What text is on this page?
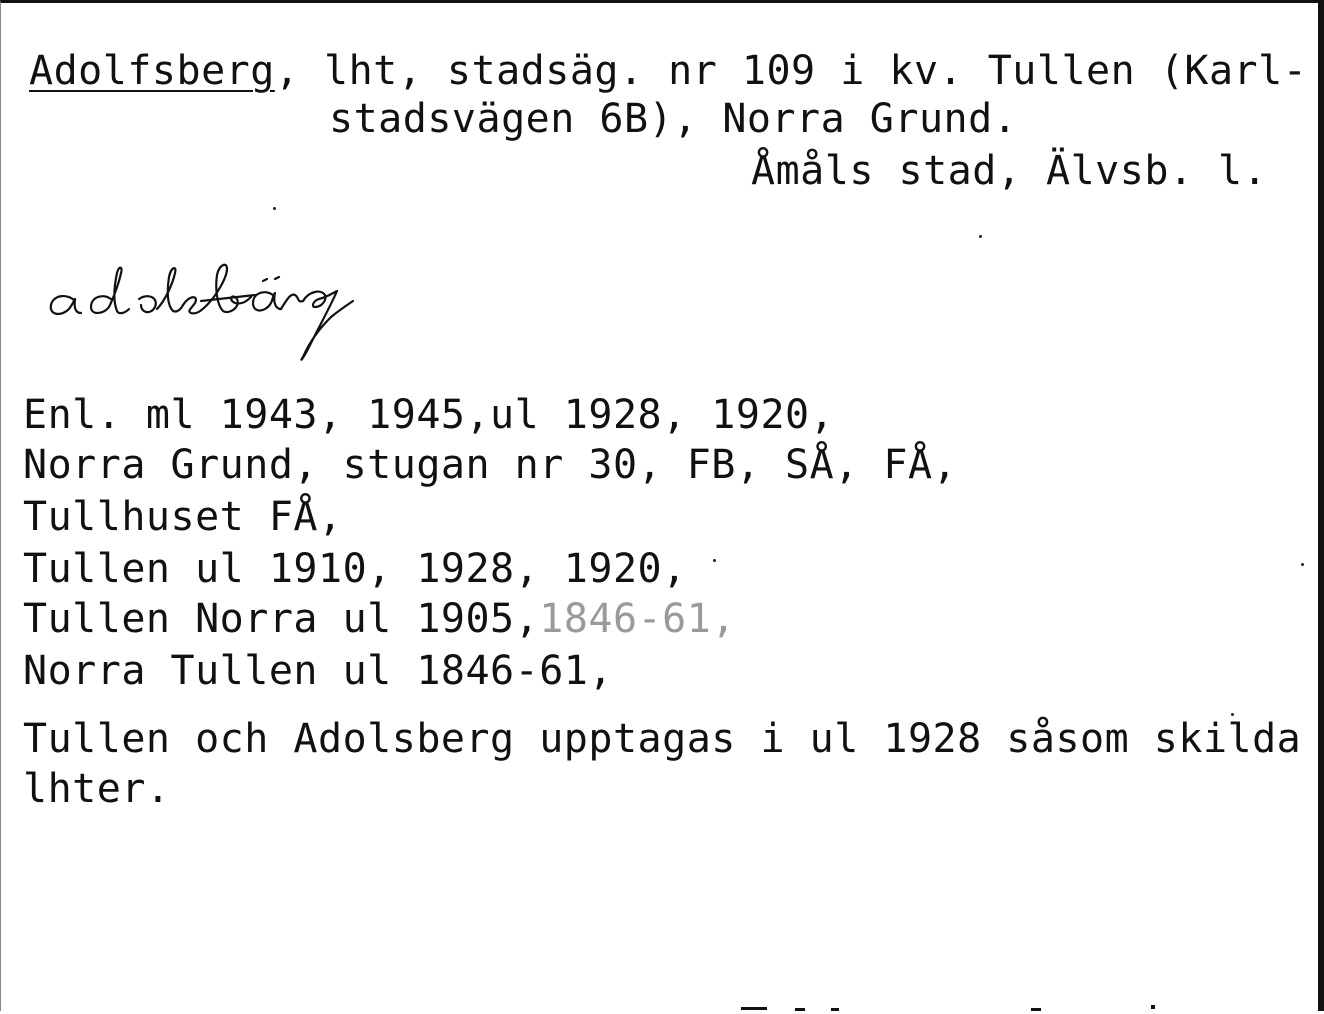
Adolfsberg, lht, stadsäg. nr 109 i kv. Tullen (Karl-
stadsvägen 6B), Norra Grund.
Åmåls stad, Älvsb. l.
Enl. ml 1943, 1945,ul 1928, 1920,
Norra Grund, stugan nr 30, FB, SÅ, FÅ,
Tullhuset FÅ,
Tullen ul 1910, 1928, 1920,
Tullen Norra ul 1905,1846-61,
Norra Tullen ul 1846-61,
Tullen och Adolsberg upptagas i ul 1928 såsom skilda
lhter.
